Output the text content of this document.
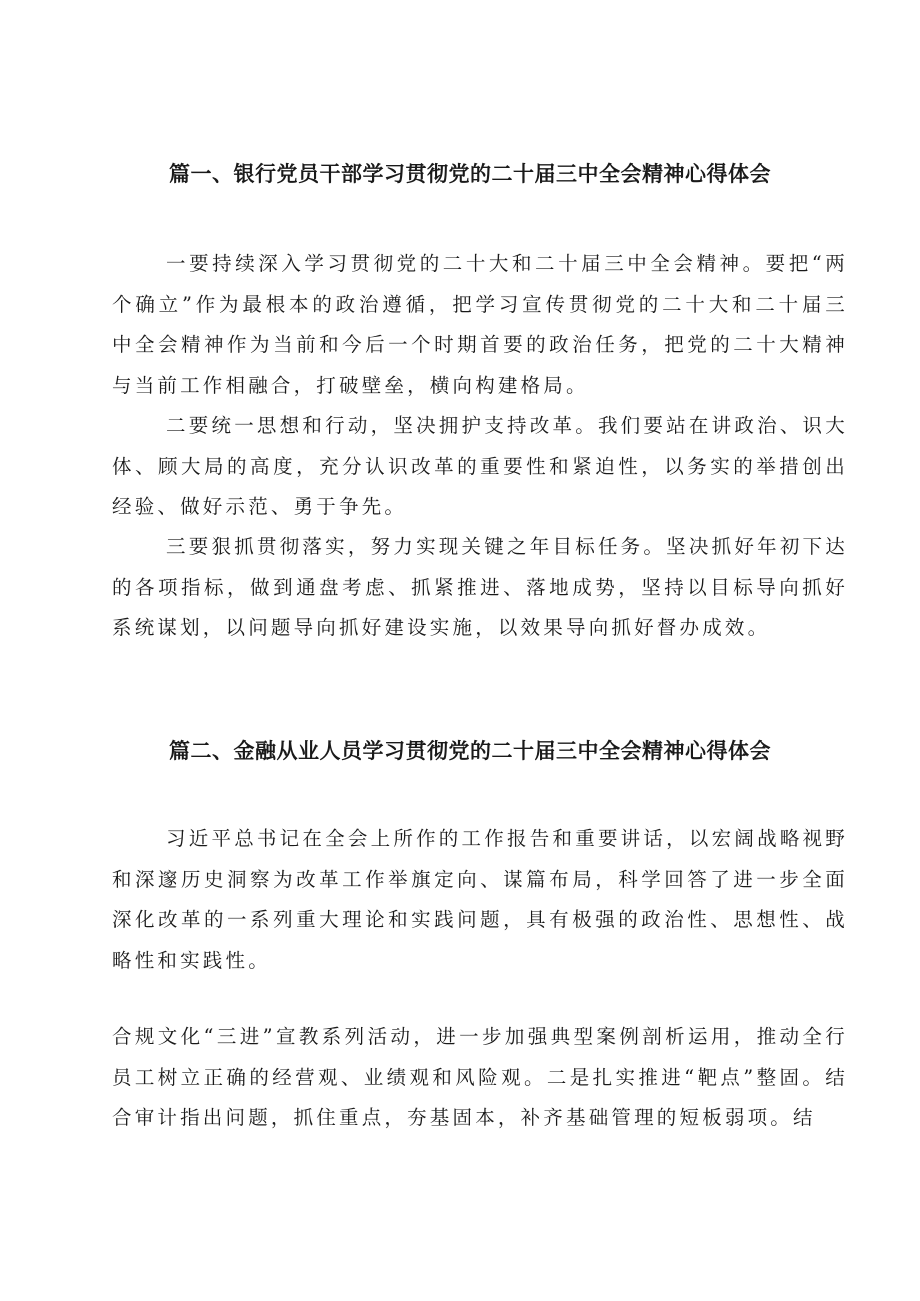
篇一、银行党员干部学习贯彻党的二十届三中全会精神心得体会

一要持续深入学习贯彻党的二十大和二十届三中全会精神。要把“两个确立”作为最根本的政治遵循，把学习宣传贯彻党的二十大和二十届三中全会精神作为当前和今后一个时期首要的政治任务，把党的二十大精神与当前工作相融合，打破壁垒，横向构建格局。

二要统一思想和行动，坚决拥护支持改革。我们要站在讲政治、识大体、顾大局的高度，充分认识改革的重要性和紧迫性，以务实的举措创出经验、做好示范、勇于争先。

三要狠抓贯彻落实，努力实现关键之年目标任务。坚决抓好年初下达的各项指标，做到通盘考虑、抓紧推进、落地成势，坚持以目标导向抓好系统谋划，以问题导向抓好建设实施，以效果导向抓好督办成效。

篇二、金融从业人员学习贯彻党的二十届三中全会精神心得体会

习近平总书记在全会上所作的工作报告和重要讲话，以宏阔战略视野和深邃历史洞察为改革工作举旗定向、谋篇布局，科学回答了进一步全面深化改革的一系列重大理论和实践问题，具有极强的政治性、思想性、战略性和实践性。

合规文化“三进”宣教系列活动，进一步加强典型案例剖析运用，推动全行员工树立正确的经营观、业绩观和风险观。二是扎实推进“靶点”整固。结合审计指出问题，抓住重点，夯基固本，补齐基础管理的短板弱项。结
